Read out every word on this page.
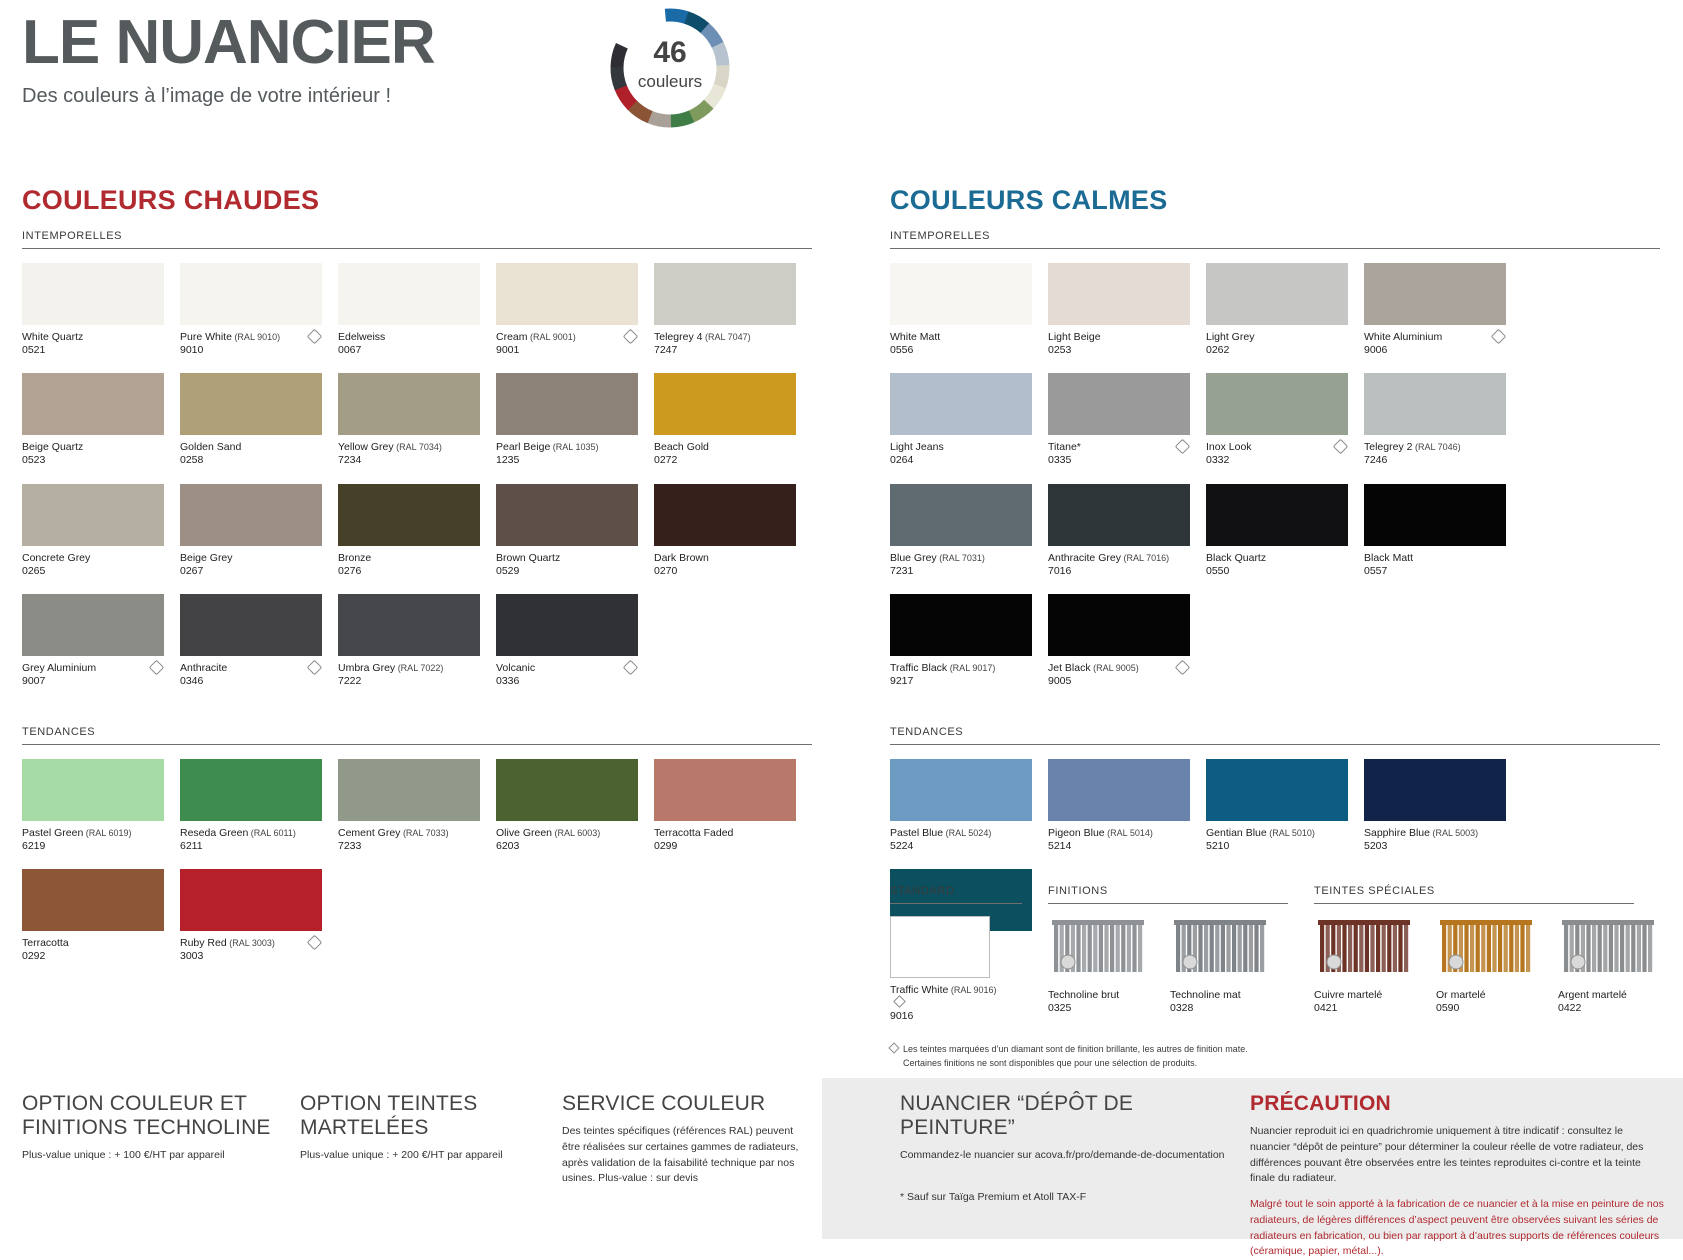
LE NUANCIER
Des couleurs à l’image de votre intérieur !
46
couleurs
COULEURS CHAUDES
INTEMPORELLES
White Quartz
0521
Pure White (RAL 9010)
9010
Edelweiss
0067
Cream (RAL 9001)
9001
Telegrey 4 (RAL 7047)
7247
Beige Quartz
0523
Golden Sand
0258
Yellow Grey (RAL 7034)
7234
Pearl Beige (RAL 1035)
1235
Beach Gold
0272
Concrete Grey
0265
Beige Grey
0267
Bronze
0276
Brown Quartz
0529
Dark Brown
0270
Grey Aluminium
9007
Anthracite
0346
Umbra Grey (RAL 7022)
7222
Volcanic
0336
TENDANCES
Pastel Green (RAL 6019)
6219
Reseda Green (RAL 6011)
6211
Cement Grey (RAL 7033)
7233
Olive Green (RAL 6003)
6203
Terracotta Faded
0299
Terracotta
0292
Ruby Red (RAL 3003)
3003
COULEURS CALMES
INTEMPORELLES
White Matt
0556
Light Beige
0253
Light Grey
0262
White Aluminium
9006
Light Jeans
0264
Titane*
0335
Inox Look
0332
Telegrey 2 (RAL 7046)
7246
Blue Grey (RAL 7031)
7231
Anthracite Grey (RAL 7016)
7016
Black Quartz
0550
Black Matt
0557
Traffic Black (RAL 9017)
9217
Jet Black (RAL 9005)
9005
TENDANCES
Pastel Blue (RAL 5024)
5224
Pigeon Blue (RAL 5014)
5214
Gentian Blue (RAL 5010)
5210
Sapphire Blue (RAL 5003)
5203
STANDARD
Traffic White (RAL 9016)
9016
FINITIONS
Technoline brut
0325
Technoline mat
0328
TEINTES SPÉCIALES
Cuivre martelé
0421
Or martelé
0590
Argent martelé
0422
Les teintes marquées d’un diamant sont de finition brillante, les autres de finition mate.
Certaines finitions ne sont disponibles que pour une sélection de produits.
OPTION COULEUR ET FINITIONS TECHNOLINE

Plus-value unique : + 100 €/HT par appareil

OPTION TEINTES MARTELÉES

Plus-value unique : + 200 €/HT par appareil

SERVICE COULEUR

Des teintes spécifiques (références RAL) peuvent être réalisées sur certaines gammes de radiateurs, après validation de la faisabilité technique par nos usines. Plus-value : sur devis

NUANCIER “DÉPÔT DE PEINTURE”

Commandez-le nuancier sur acova.fr/pro/demande-de-documentation

* Sauf sur Taïga Premium et Atoll TAX-F

PRÉCAUTION

Nuancier reproduit ici en quadrichromie uniquement à titre indicatif : consultez le nuancier “dépôt de peinture” pour déterminer la couleur réelle de votre radiateur, des différences pouvant être observées entre les teintes reproduites ci-contre et la teinte finale du radiateur.

Malgré tout le soin apporté à la fabrication de ce nuancier et à la mise en peinture de nos radiateurs, de légères différences d’aspect peuvent être observées suivant les séries de radiateurs en fabrication, ou bien par rapport à d’autres supports de références couleurs (céramique, papier, métal...).
